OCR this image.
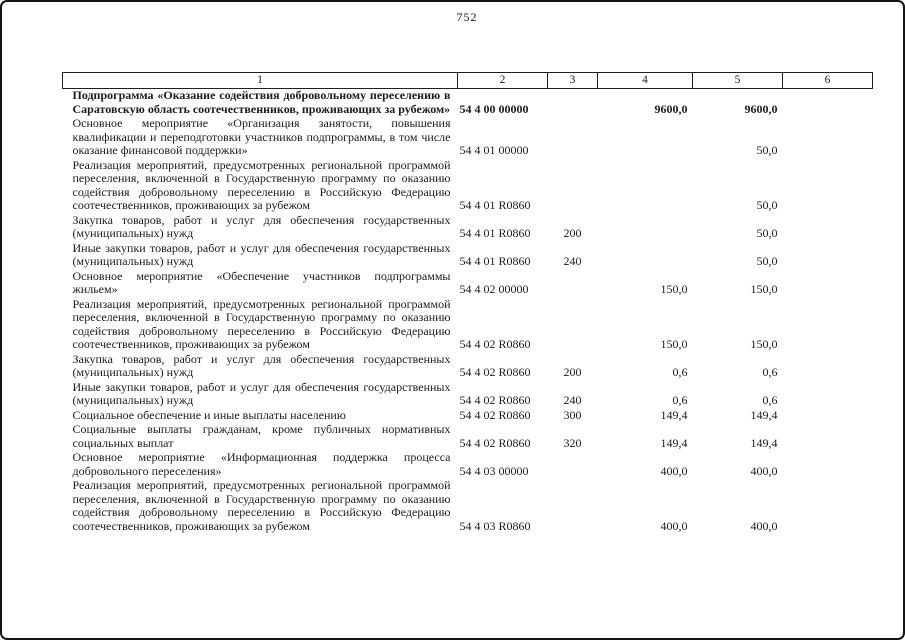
752
1	2	3	4	5	6
Подпрограмма «Оказание содействия добровольному переселению в Саратовскую область соотечественников, проживающих за рубежом»	54 4 00 00000		9600,0	9600,0	
Основное мероприятие «Организация занятости, повышения квалификации и переподготовки участников подпрограммы, в том числе оказание финансовой поддержки»	54 4 01 00000			50,0	
Реализация мероприятий, предусмотренных региональной программой переселения, включенной в Государственную программу по оказанию содействия добровольному переселению в Российскую Федерацию соотечественников, проживающих за рубежом	54 4 01 R0860			50,0	
Закупка товаров, работ и услуг для обеспечения государственных (муниципальных) нужд	54 4 01 R0860	200		50,0	
Иные закупки товаров, работ и услуг для обеспечения государственных (муниципальных) нужд	54 4 01 R0860	240		50,0	
Основное мероприятие «Обеспечение участников подпрограммы жильем»	54 4 02 00000		150,0	150,0	
Реализация мероприятий, предусмотренных региональной программой переселения, включенной в Государственную программу по оказанию содействия добровольному переселению в Российскую Федерацию соотечественников, проживающих за рубежом	54 4 02 R0860		150,0	150,0	
Закупка товаров, работ и услуг для обеспечения государственных (муниципальных) нужд	54 4 02 R0860	200	0,6	0,6	
Иные закупки товаров, работ и услуг для обеспечения государственных (муниципальных) нужд	54 4 02 R0860	240	0,6	0,6	
Социальное обеспечение и иные выплаты населению	54 4 02 R0860	300	149,4	149,4	
Социальные выплаты гражданам, кроме публичных нормативных социальных выплат	54 4 02 R0860	320	149,4	149,4	
Основное мероприятие «Информационная поддержка процесса добровольного переселения»	54 4 03 00000		400,0	400,0	
Реализация мероприятий, предусмотренных региональной программой переселения, включенной в Государственную программу по оказанию содействия добровольному переселению в Российскую Федерацию соотечественников, проживающих за рубежом	54 4 03 R0860		400,0	400,0	
